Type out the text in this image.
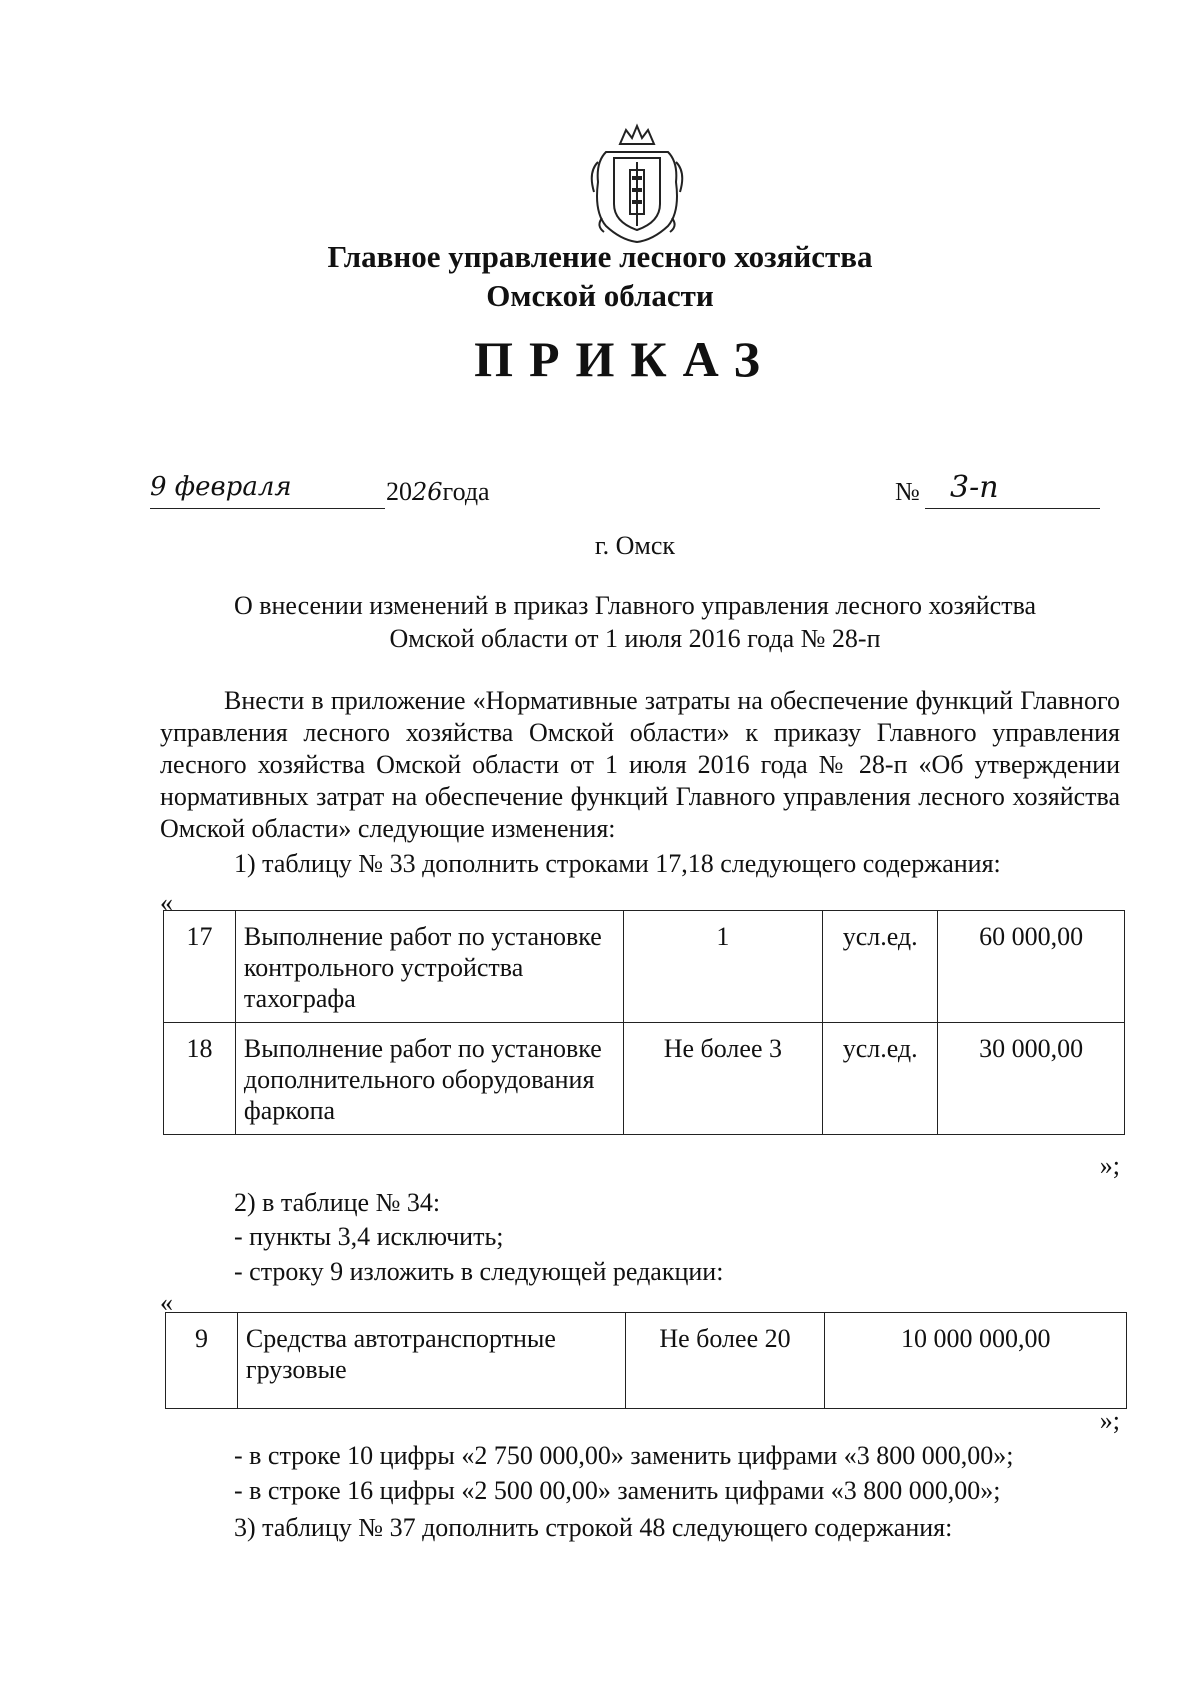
Главное управление лесного хозяйства
Омской области
ПРИКАЗ
9 февраля	2026года	№ 3-п
г. Омск
О внесении изменений в приказ Главного управления лесного хозяйства
Омской области от 1 июля 2016 года № 28-п
Внести в приложение «Нормативные затраты на обеспечение функций Главного управления лесного хозяйства Омской области» к приказу Главного управления лесного хозяйства Омской области от 1 июля 2016 года № 28-п «Об утверждении нормативных затрат на обеспечение функций Главного управления лесного хозяйства Омской области» следующие изменения:
1) таблицу № 33 дополнить строками 17,18 следующего содержания:
«
17	Выполнение работ по установке контрольного устройства тахографа	1	усл.ед.	60 000,00
18	Выполнение работ по установке дополнительного оборудования фаркопа	Не более 3	усл.ед.	30 000,00
»;
2) в таблице № 34:
- пункты 3,4 исключить;
- строку 9 изложить в следующей редакции:
«
9	Средства автотранспортные грузовые	Не более 20	10 000 000,00
»;
- в строке 10 цифры «2 750 000,00» заменить цифрами «3 800 000,00»;
- в строке 16 цифры «2 500 00,00» заменить цифрами «3 800 000,00»;
3) таблицу № 37 дополнить строкой 48 следующего содержания:
